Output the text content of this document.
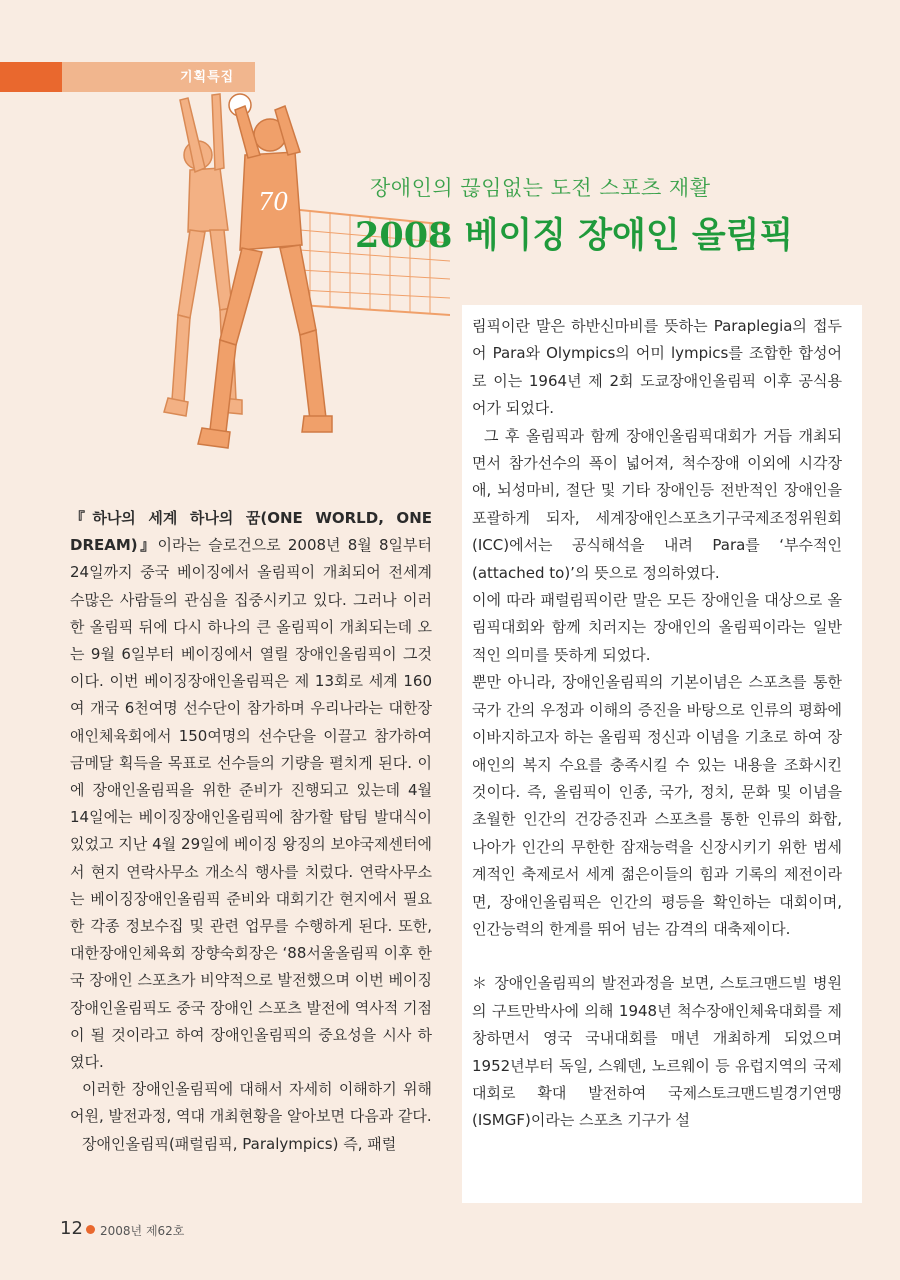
기획특집
70	장애인의 끊임없는 도전 스포츠 재활
2008 베이징 장애인 올림픽

『하나의 세계 하나의 꿈(ONE WORLD, ONE DREAM)』이라는 슬로건으로 2008년 8월 8일부터 24일까지 중국 베이징에서 올림픽이 개최되어 전세계 수많은 사람들의 관심을 집중시키고 있다. 그러나 이러한 올림픽 뒤에 다시 하나의 큰 올림픽이 개최되는데 오는 9월 6일부터 베이징에서 열릴 장애인올림픽이 그것이다. 이번 베이징장애인올림픽은 제 13회로 세계 160여 개국 6천여명 선수단이 참가하며 우리나라는 대한장애인체육회에서 150여명의 선수단을 이끌고 참가하여 금메달 획득을 목표로 선수들의 기량을 펼치게 된다. 이에 장애인올림픽을 위한 준비가 진행되고 있는데 4월 14일에는 베이징장애인올림픽에 참가할 탑팀 발대식이 있었고 지난 4월 29일에 베이징 왕징의 보야국제센터에서 현지 연락사무소 개소식 행사를 치렀다. 연락사무소는 베이징장애인올림픽 준비와 대회기간 현지에서 필요한 각종 정보수집 및 관련 업무를 수행하게 된다. 또한, 대한장애인체육회 장향숙회장은 ‘88서울올림픽 이후 한국 장애인 스포츠가 비약적으로 발전했으며 이번 베이징장애인올림픽도 중국 장애인 스포츠 발전에 역사적 기점이 될 것이라고 하여 장애인올림픽의 중요성을 시사 하였다.

이러한 장애인올림픽에 대해서 자세히 이해하기 위해 어원, 발전과정, 역대 개최현황을 알아보면 다음과 같다.

장애인올림픽(패럴림픽, Paralympics) 즉, 패럴

림픽이란 말은 하반신마비를 뜻하는 Paraplegia의 접두어 Para와 Olympics의 어미 lympics를 조합한 합성어로 이는 1964년 제 2회 도쿄장애인올림픽 이후 공식용어가 되었다.

그 후 올림픽과 함께 장애인올림픽대회가 거듭 개최되면서 참가선수의 폭이 넓어져, 척수장애 이외에 시각장애, 뇌성마비, 절단 및 기타 장애인등 전반적인 장애인을 포괄하게 되자, 세계장애인스포츠기구국제조정위원회(ICC)에서는 공식해석을 내려 Para를 ‘부수적인(attached to)’의 뜻으로 정의하였다.

이에 따라 패럴림픽이란 말은 모든 장애인을 대상으로 올림픽대회와 함께 치러지는 장애인의 올림픽이라는 일반적인 의미를 뜻하게 되었다.

뿐만 아니라, 장애인올림픽의 기본이념은 스포츠를 통한 국가 간의 우정과 이해의 증진을 바탕으로 인류의 평화에 이바지하고자 하는 올림픽 정신과 이념을 기초로 하여 장애인의 복지 수요를 충족시킬 수 있는 내용을 조화시킨 것이다. 즉, 올림픽이 인종, 국가, 정치, 문화 및 이념을 초월한 인간의 건강증진과 스포츠를 통한 인류의 화합, 나아가 인간의 무한한 잠재능력을 신장시키기 위한 범세계적인 축제로서 세계 젊은이들의 힘과 기록의 제전이라면, 장애인올림픽은 인간의 평등을 확인하는 대회이며, 인간능력의 한계를 뛰어 넘는 감격의 대축제이다.

＊ 장애인올림픽의 발전과정을 보면, 스토크맨드빌 병원의 구트만박사에 의해 1948년 척수장애인체육대회를 제창하면서 영국 국내대회를 매년 개최하게 되었으며 1952년부터 독일, 스웨덴, 노르웨이 등 유럽지역의 국제대회로 확대 발전하여 국제스토크맨드빌경기연맹(ISMGF)이라는 스포츠 기구가 설

12 2008년 제62호
